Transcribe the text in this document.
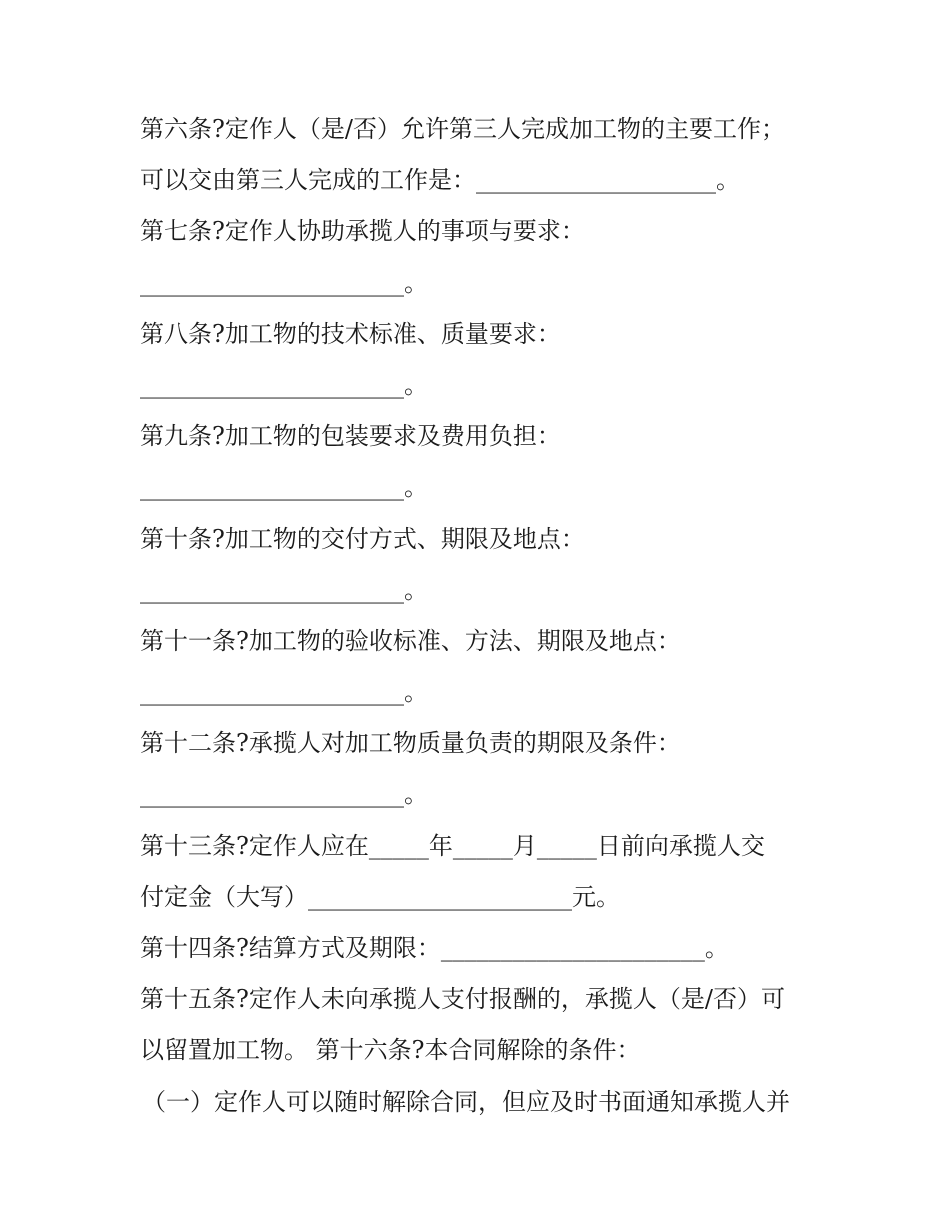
第六条?定作人（是/否）允许第三人完成加工物的主要工作；
可以交由第三人完成的工作是：____________________。
第七条?定作人协助承揽人的事项与要求：
______________________。
第八条?加工物的技术标准、质量要求：
______________________。
第九条?加工物的包装要求及费用负担：
______________________。
第十条?加工物的交付方式、期限及地点：
______________________。
第十一条?加工物的验收标准、方法、期限及地点：
______________________。
第十二条?承揽人对加工物质量负责的期限及条件：
______________________。
第十三条?定作人应在_____年_____月_____日前向承揽人交
付定金（大写）______________________元。
第十四条?结算方式及期限：______________________。
第十五条?定作人未向承揽人支付报酬的，承揽人（是/否）可
以留置加工物。 第十六条?本合同解除的条件：
（一）定作人可以随时解除合同，但应及时书面通知承揽人并
